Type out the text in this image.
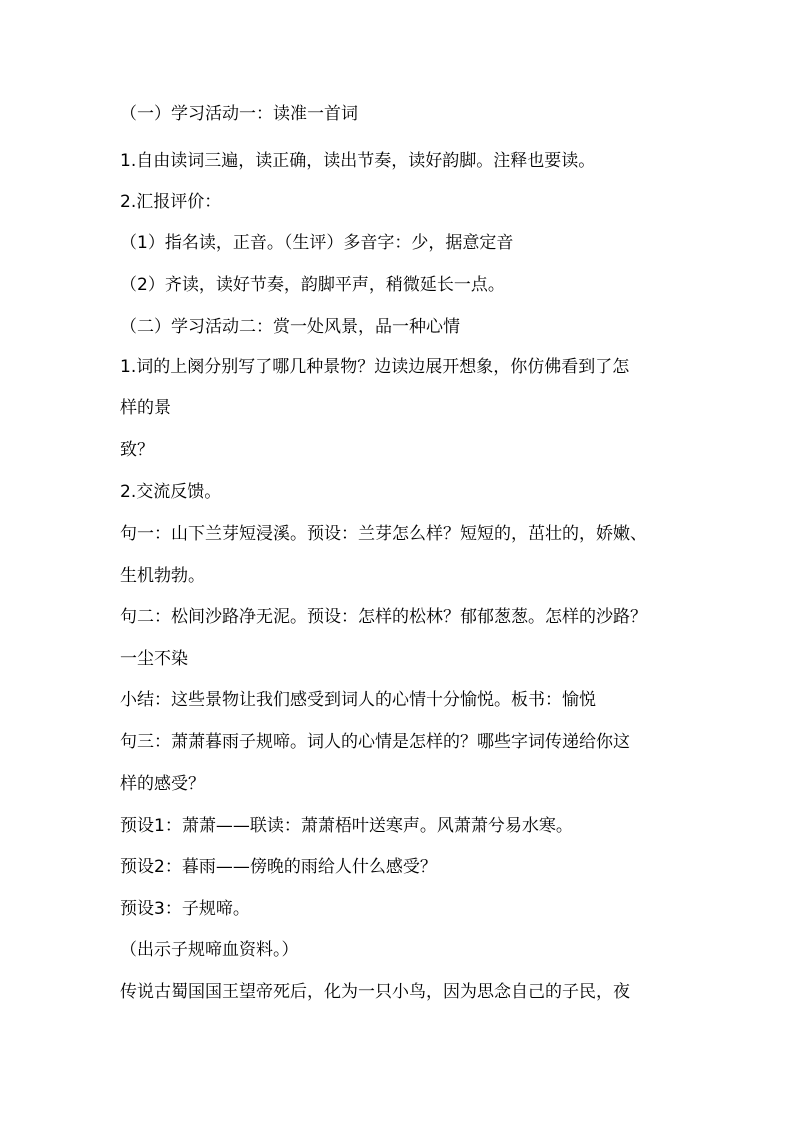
（一）学习活动一：读准一首词
1.自由读词三遍，读正确，读出节奏，读好韵脚。注释也要读。
2.汇报评价：
（1）指名读，正音。（生评）多音字：少，据意定音
（2）齐读，读好节奏，韵脚平声，稍微延长一点。
（二）学习活动二：赏一处风景，品一种心情
1.词的上阕分别写了哪几种景物？边读边展开想象，你仿佛看到了怎
样的景
致？
2.交流反馈。
句一：山下兰芽短浸溪。预设：兰芽怎么样？短短的，茁壮的，娇嫩、
生机勃勃。
句二：松间沙路净无泥。预设：怎样的松林？郁郁葱葱。怎样的沙路？
一尘不染
小结：这些景物让我们感受到词人的心情十分愉悦。板书：愉悦
句三：萧萧暮雨子规啼。词人的心情是怎样的？哪些字词传递给你这
样的感受？
预设1：萧萧——联读：萧萧梧叶送寒声。风萧萧兮易水寒。
预设2：暮雨——傍晚的雨给人什么感受？
预设3：子规啼。
（出示子规啼血资料。）
传说古蜀国国王望帝死后，化为一只小鸟，因为思念自己的子民，夜
